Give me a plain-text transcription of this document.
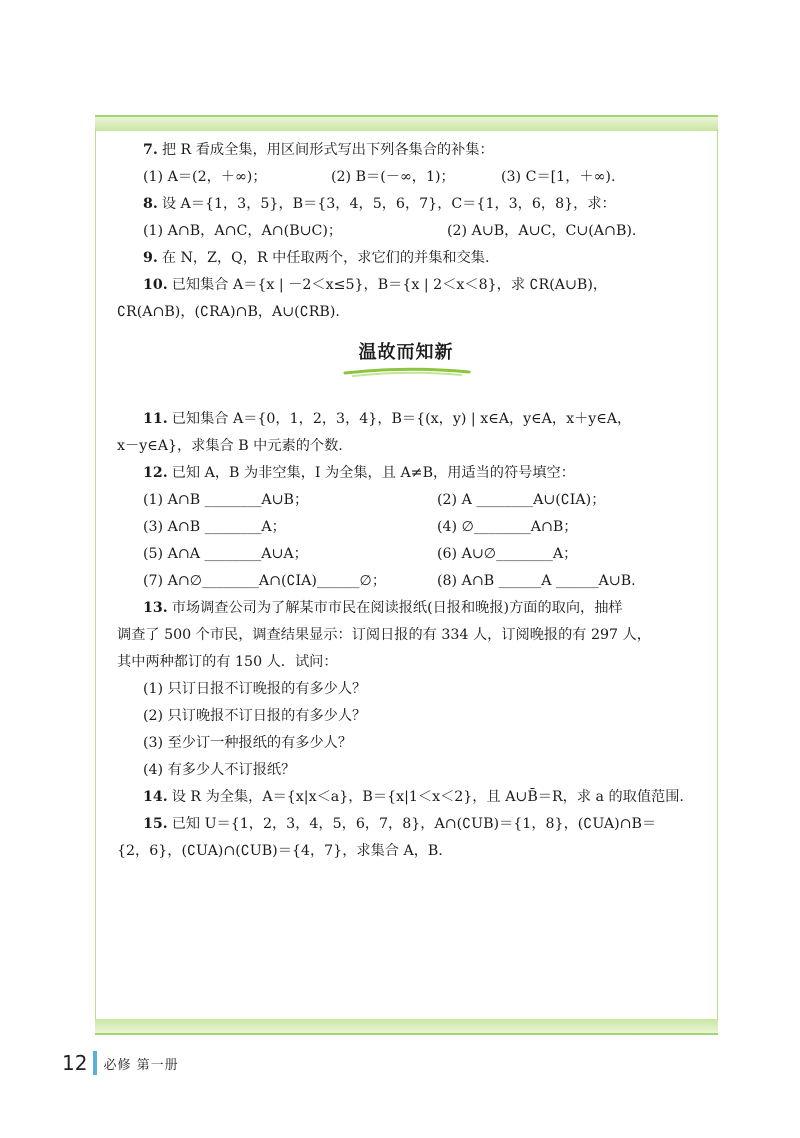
7. 把 R 看成全集，用区间形式写出下列各集合的补集：
(1) A＝(2，＋∞)；	(2) B＝(－∞，1)；	(3) C＝[1，＋∞).
8. 设 A＝{1，3，5}，B＝{3，4，5，6，7}，C＝{1，3，6，8}，求：
(1) A∩B，A∩C，A∩(B∪C)；	(2) A∪B，A∪C，C∪(A∩B).
9. 在 N，Z，Q，R 中任取两个，求它们的并集和交集.
10. 已知集合 A＝{x | －2＜x≤5}，B＝{x | 2＜x＜8}，求 ∁R(A∪B)，
∁R(A∩B)，(∁RA)∩B，A∪(∁RB).
温故而知新
11. 已知集合 A＝{0，1，2，3，4}，B＝{(x，y) | x∈A，y∈A，x＋y∈A，
x－y∈A}，求集合 B 中元素的个数.
12. 已知 A，B 为非空集，I 为全集，且 A≠B，用适当的符号填空：
(1) A∩B ________A∪B；	(2) A ________A∪(∁IA)；
(3) A∩B ________A；	(4) ∅________A∩B；
(5) A∩A ________A∪A；	(6) A∪∅________A；
(7) A∩∅________A∩(∁IA)______∅；	(8) A∩B ______A ______A∪B.
13. 市场调查公司为了解某市市民在阅读报纸(日报和晚报)方面的取向，抽样
调查了 500 个市民，调查结果显示：订阅日报的有 334 人，订阅晚报的有 297 人，
其中两种都订的有 150 人．试问：
(1) 只订日报不订晚报的有多少人？
(2) 只订晚报不订日报的有多少人？
(3) 至少订一种报纸的有多少人？
(4) 有多少人不订报纸？
14. 设 R 为全集，A＝{x|x＜a}，B＝{x|1＜x＜2}，且 A∪B̄＝R，求 a 的取值范围.
15. 已知 U＝{1，2，3，4，5，6，7，8}，A∩(∁UB)＝{1，8}，(∁UA)∩B＝
{2，6}，(∁UA)∩(∁UB)＝{4，7}，求集合 A，B.
12 必修 第一册
